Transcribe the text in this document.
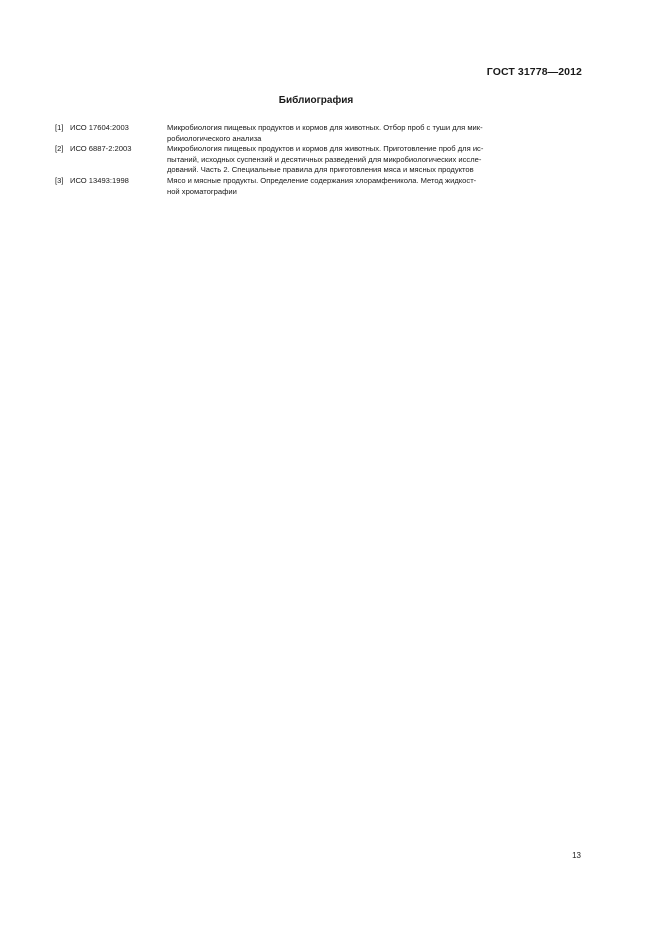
ГОСТ 31778—2012
Библиография
[1] ИСО 17604:2003	Микробиология пищевых продуктов и кормов для животных. Отбор проб с туши для мик-
робиологического анализа
[2] ИСО 6887-2:2003	Микробиология пищевых продуктов и кормов для животных. Приготовление проб для ис-
пытаний, исходных суспензий и десятичных разведений для микробиологических иссле-
дований. Часть 2. Специальные правила для приготовления мяса и мясных продуктов
[3] ИСО 13493:1998	Мясо и мясные продукты. Определение содержания хлорамфеникола. Метод жидкост-
ной хроматографии
13
